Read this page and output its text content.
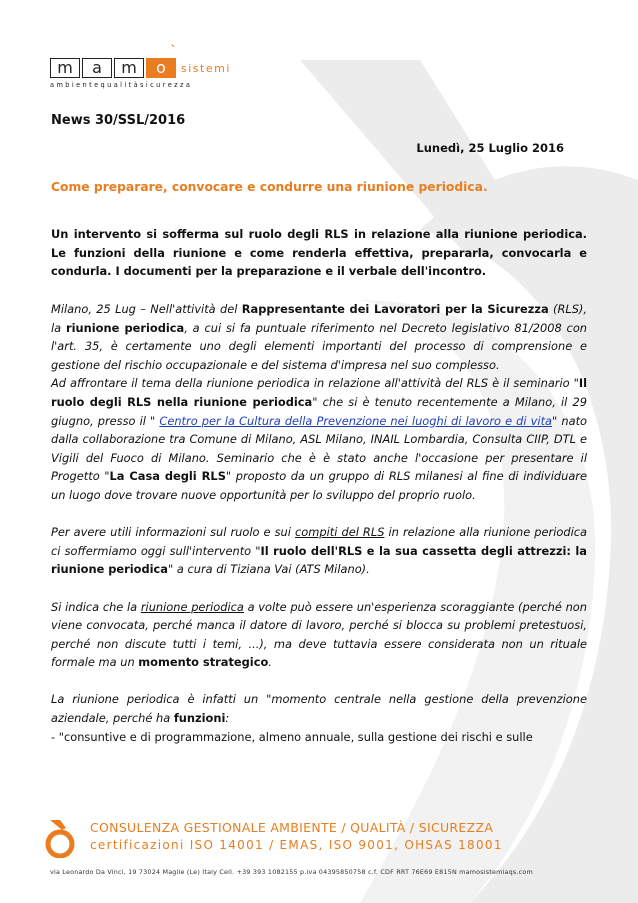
m	a	m	o
`
sistemi
ambientequalitàsicurezza
News 30/SSL/2016
Lunedì, 25 Luglio 2016
Come preparare, convocare e condurre una riunione periodica.
Un intervento si sofferma sul ruolo degli RLS in relazione alla riunione periodica. Le funzioni della riunione e come renderla effettiva, prepararla, convocarla e condurla. I documenti per la preparazione e il verbale dell'incontro.

Milano, 25 Lug – Nell'attività del Rappresentante dei Lavoratori per la Sicurezza (RLS), la riunione periodica, a cui si fa puntuale riferimento nel Decreto legislativo 81/2008 con l'art. 35, è certamente uno degli elementi importanti del processo di comprensione e gestione del rischio occupazionale e del sistema d'impresa nel suo complesso.

Ad affrontare il tema della riunione periodica in relazione all'attività del RLS è il seminario "Il ruolo degli RLS nella riunione periodica" che si è tenuto recentemente a Milano, il 29 giugno, presso il " Centro per la Cultura della Prevenzione nei luoghi di lavoro e di vita" nato dalla collaborazione tra Comune di Milano, ASL Milano, INAIL Lombardia, Consulta CIIP, DTL e Vigili del Fuoco di Milano. Seminario che è è stato anche l'occasione per presentare il Progetto "La Casa degli RLS" proposto da un gruppo di RLS milanesi al fine di individuare un luogo dove trovare nuove opportunità per lo sviluppo del proprio ruolo.

Per avere utili informazioni sul ruolo e sui compiti del RLS in relazione alla riunione periodica ci soffermiamo oggi sull'intervento "Il ruolo dell'RLS e la sua cassetta degli attrezzi: la riunione periodica" a cura di Tiziana Vai (ATS Milano).

Si indica che la riunione periodica a volte può essere un'esperienza scoraggiante (perché non viene convocata, perché manca il datore di lavoro, perché si blocca su problemi pretestuosi, perché non discute tutti i temi, ...), ma deve tuttavia essere considerata non un rituale formale ma un momento strategico.

La riunione periodica è infatti un "momento centrale nella gestione della prevenzione aziendale, perché ha funzioni:

- "consuntive e di programmazione, almeno annuale, sulla gestione dei rischi e sulle

CONSULENZA GESTIONALE AMBIENTE / QUALITÀ / SICUREZZA
certificazioni ISO 14001 / EMAS, ISO 9001, OHSAS 18001
via Leonardo Da Vinci, 19 73024 Maglie (Le) Italy Cell. +39 393 1082155 p.iva 04395850758 c.f. CDF RRT 76E69 E815N mamosistemiaqs.com
